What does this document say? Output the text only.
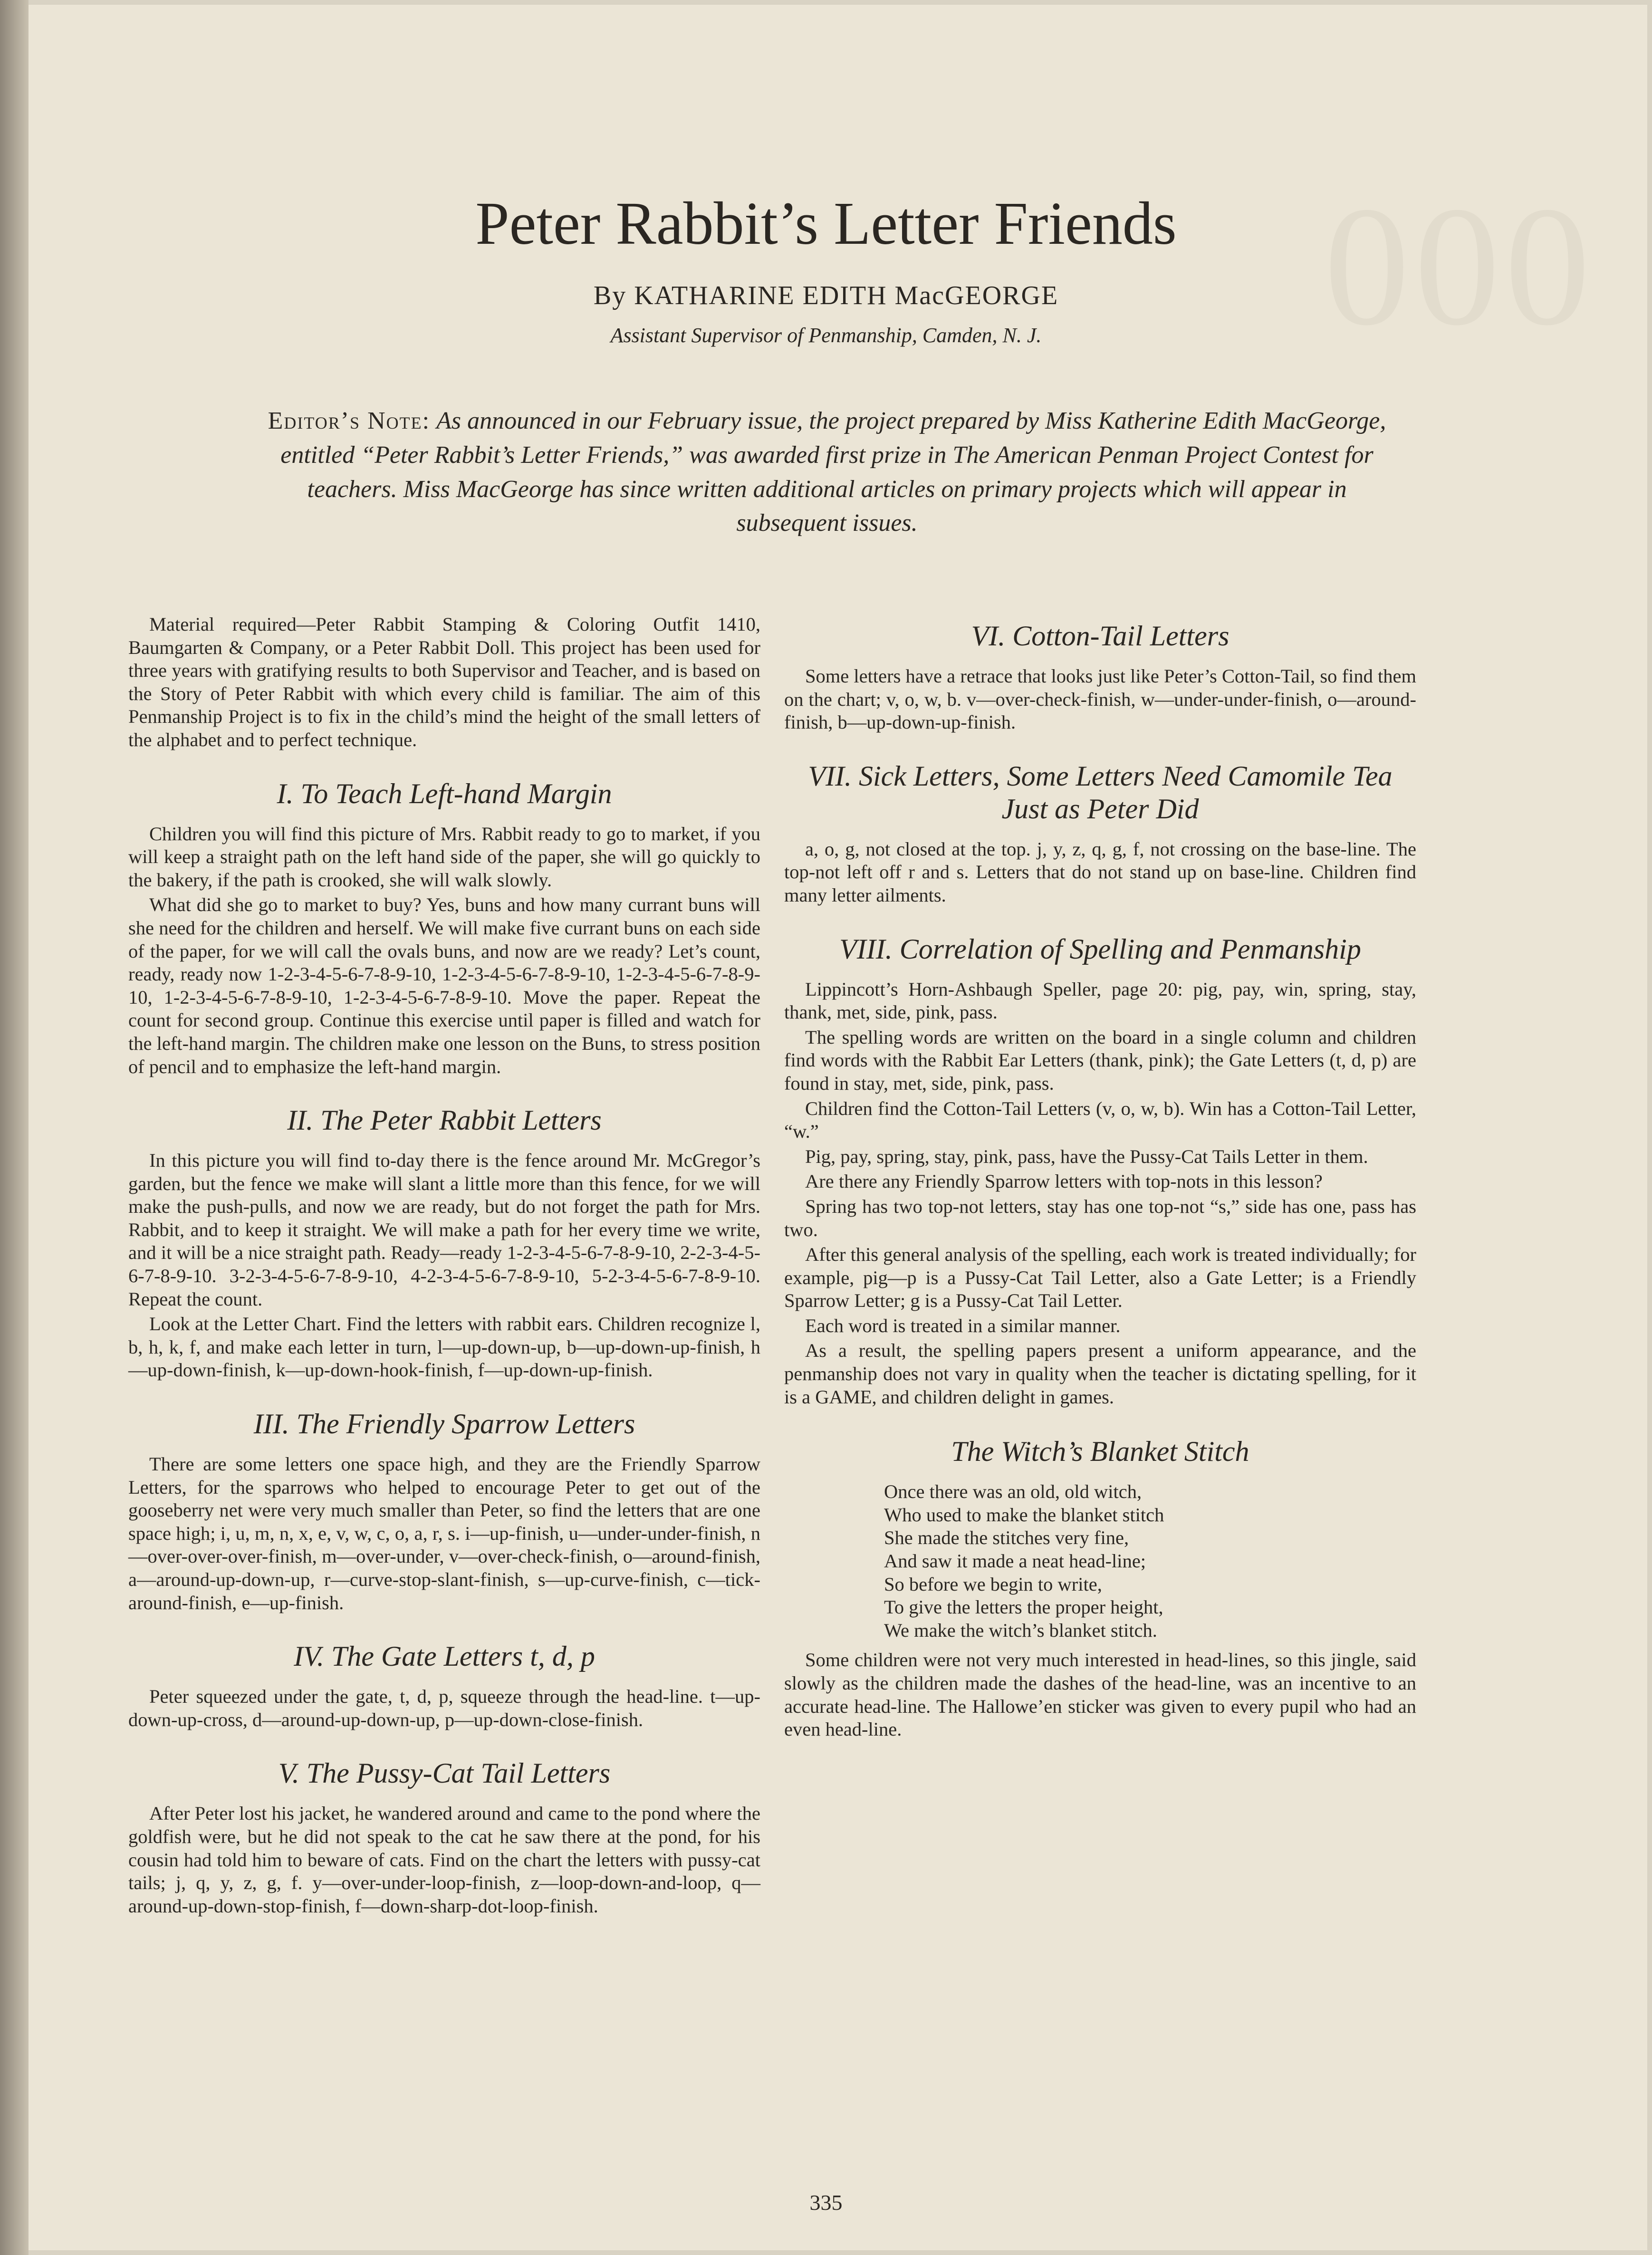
000
Peter Rabbit’s Letter Friends
By KATHARINE EDITH MacGEORGE
Assistant Supervisor of Penmanship, Camden, N. J.
Editor’s Note: As announced in our February issue, the project prepared by Miss Katherine Edith MacGeorge, entitled “Peter Rabbit’s Letter Friends,” was awarded first prize in The American Penman Project Contest for teachers. Miss MacGeorge has since written additional articles on primary projects which will appear in subsequent issues.

Material required—Peter Rabbit Stamping & Coloring Outfit 1410, Baumgarten & Company, or a Peter Rabbit Doll. This project has been used for three years with gratifying results to both Supervisor and Teacher, and is based on the Story of Peter Rabbit with which every child is familiar. The aim of this Penmanship Project is to fix in the child’s mind the height of the small letters of the alphabet and to perfect technique.

I. To Teach Left-hand Margin

Children you will find this picture of Mrs. Rabbit ready to go to market, if you will keep a straight path on the left hand side of the paper, she will go quickly to the bakery, if the path is crooked, she will walk slowly.

What did she go to market to buy? Yes, buns and how many currant buns will she need for the children and herself. We will make five currant buns on each side of the paper, for we will call the ovals buns, and now are we ready? Let’s count, ready, ready now 1-2-3-4-5-6-7-8-9-10, 1-2-3-4-5-6-7-8-9-10, 1-2-3-4-5-6-7-8-9-10, 1-2-3-4-5-6-7-8-9-10, 1-2-3-4-5-6-7-8-9-10. Move the paper. Repeat the count for second group. Continue this exercise until paper is filled and watch for the left-hand margin. The children make one lesson on the Buns, to stress position of pencil and to emphasize the left-hand margin.

II. The Peter Rabbit Letters

In this picture you will find to-day there is the fence around Mr. McGregor’s garden, but the fence we make will slant a little more than this fence, for we will make the push-pulls, and now we are ready, but do not forget the path for Mrs. Rabbit, and to keep it straight. We will make a path for her every time we write, and it will be a nice straight path. Ready—ready 1-2-3-4-5-6-7-8-9-10, 2-2-3-4-5-6-7-8-9-10. 3-2-3-4-5-6-7-8-9-10, 4-2-3-4-5-6-7-8-9-10, 5-2-3-4-5-6-7-8-9-10. Repeat the count.

Look at the Letter Chart. Find the letters with rabbit ears. Children recognize l, b, h, k, f, and make each letter in turn, l—up-down-up, b—up-down-up-finish, h—up-down-finish, k—up-down-hook-finish, f—up-down-up-finish.

III. The Friendly Sparrow Letters

There are some letters one space high, and they are the Friendly Sparrow Letters, for the sparrows who helped to encourage Peter to get out of the gooseberry net were very much smaller than Peter, so find the letters that are one space high; i, u, m, n, x, e, v, w, c, o, a, r, s. i—up-finish, u—under-under-finish, n—over-over-over-finish, m—over-under, v—over-check-finish, o—around-finish, a—around-up-down-up, r—curve-stop-slant-finish, s—up-curve-finish, c—tick-around-finish, e—up-finish.

IV. The Gate Letters t, d, p

Peter squeezed under the gate, t, d, p, squeeze through the head-line. t—up-down-up-cross, d—around-up-down-up, p—up-down-close-finish.

V. The Pussy-Cat Tail Letters

After Peter lost his jacket, he wandered around and came to the pond where the goldfish were, but he did not speak to the cat he saw there at the pond, for his cousin had told him to beware of cats. Find on the chart the letters with pussy-cat tails; j, q, y, z, g, f. y—over-under-loop-finish, z—loop-down-and-loop, q—around-up-down-stop-finish, f—down-sharp-dot-loop-finish.

VI. Cotton-Tail Letters

Some letters have a retrace that looks just like Peter’s Cotton-Tail, so find them on the chart; v, o, w, b. v—over-check-finish, w—under-under-finish, o—around-finish, b—up-down-up-finish.

VII. Sick Letters, Some Letters Need Camomile Tea Just as Peter Did

a, o, g, not closed at the top. j, y, z, q, g, f, not crossing on the base-line. The top-not left off r and s. Letters that do not stand up on base-line. Children find many letter ailments.

VIII. Correlation of Spelling and Penmanship

Lippincott’s Horn-Ashbaugh Speller, page 20: pig, pay, win, spring, stay, thank, met, side, pink, pass.

The spelling words are written on the board in a single column and children find words with the Rabbit Ear Letters (thank, pink); the Gate Letters (t, d, p) are found in stay, met, side, pink, pass.

Children find the Cotton-Tail Letters (v, o, w, b). Win has a Cotton-Tail Letter, “w.”

Pig, pay, spring, stay, pink, pass, have the Pussy-Cat Tails Letter in them.

Are there any Friendly Sparrow letters with top-nots in this lesson?

Spring has two top-not letters, stay has one top-not “s,” side has one, pass has two.

After this general analysis of the spelling, each work is treated individually; for example, pig—p is a Pussy-Cat Tail Letter, also a Gate Letter; is a Friendly Sparrow Letter; g is a Pussy-Cat Tail Letter.

Each word is treated in a similar manner.

As a result, the spelling papers present a uniform appearance, and the penmanship does not vary in quality when the teacher is dictating spelling, for it is a GAME, and children delight in games.

The Witch’s Blanket Stitch
Once there was an old, old witch,
Who used to make the blanket stitch
She made the stitches very fine,
And saw it made a neat head-line;
So before we begin to write,
To give the letters the proper height,
We make the witch’s blanket stitch.

Some children were not very much interested in head-lines, so this jingle, said slowly as the children made the dashes of the head-line, was an incentive to an accurate head-line. The Hallowe’en sticker was given to every pupil who had an even head-line.

335
